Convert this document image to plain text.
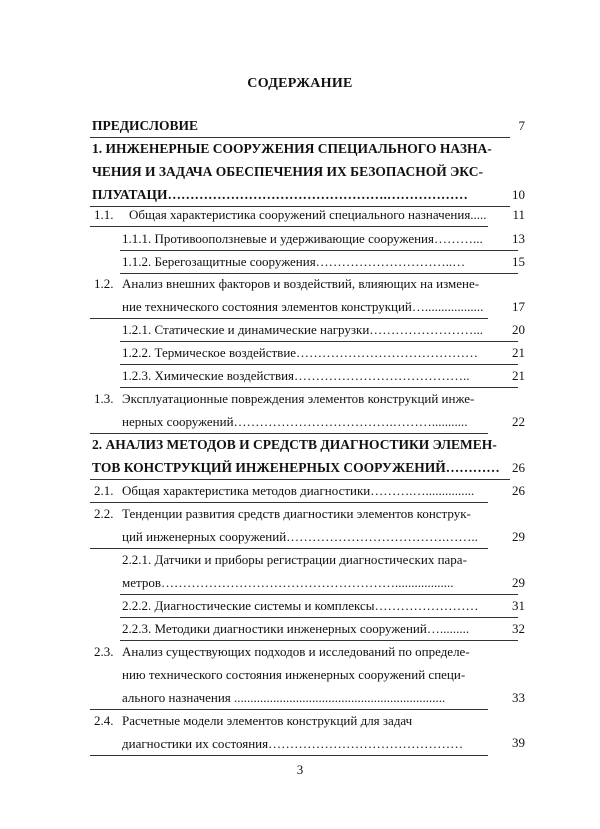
СОДЕРЖАНИЕ
ПРЕДИСЛОВИЕ	7
1. ИНЖЕНЕРНЫЕ СООРУЖЕНИЯ СПЕЦИАЛЬНОГО НАЗНА-
ЧЕНИЯ И ЗАДАЧА ОБЕСПЕЧЕНИЯ ИХ БЕЗОПАСНОЙ ЭКС-
ПЛУАТАЦИ………………………………………….………………	10
1.1. Общая характеристика сооружений специального назначения..... 11
1.1.1. Противооползневые и удерживающие сооружения………... 13
1.1.2. Берегозащитные сооружения…………………………..…	15
1.2. Анализ внешних факторов и воздействий, влияющих на измене-
ние технического состояния элементов конструкций….................. 17
1.2.1. Статические и динамические нагрузки……………………... 20
1.2.2. Термическое воздействие……………………………………	21
1.2.3. Химические воздействия…………………………………..	21
1.3. Эксплуатационные повреждения элементов конструкций инже-
нерных сооружений……………………………….………...........	22
2. АНАЛИЗ МЕТОДОВ И СРЕДСТВ ДИАГНОСТИКИ ЭЛЕМЕН-
ТОВ КОНСТРУКЦИЙ ИНЖЕНЕРНЫХ СООРУЖЕНИЙ………… 26
2.1. Общая характеристика методов диагностики……….…...............	26
2.2. Тенденции развития средств диагностики элементов конструк-
ций инженерных сооружений……………………………….……..	29
2.2.1. Датчики и приборы регистрации диагностических пара-
метров………………………………………………..................	29
2.2.2. Диагностические системы и комплексы……………………	31
2.2.3. Методики диагностики инженерных сооружений….........	32
2.3. Анализ существующих подходов и исследований по определе-
нию технического состояния инженерных сооружений специ-
ального назначения .................................................................	33
2.4. Расчетные модели элементов конструкций для задач
диагностики их состояния………………………………………	39
3
